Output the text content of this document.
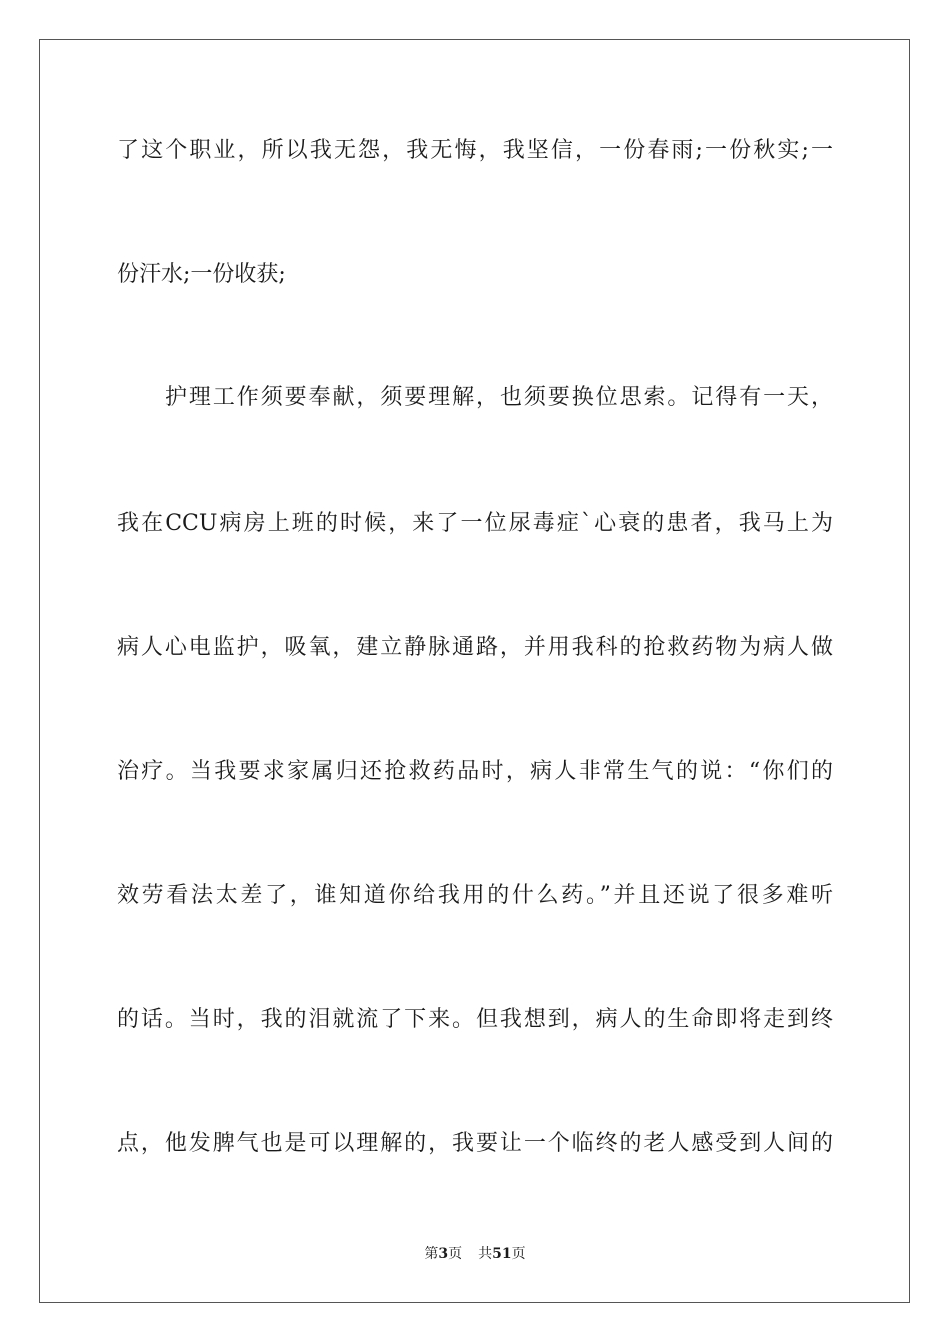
了这个职业，所以我无怨，我无悔，我坚信，一份春雨;一份秋实;一
份汗水;一份收获;
护理工作须要奉献，须要理解，也须要换位思索。记得有一天，
我在CCU病房上班的时候，来了一位尿毒症`心衰的患者，我马上为
病人心电监护，吸氧，建立静脉通路，并用我科的抢救药物为病人做
治疗。当我要求家属归还抢救药品时，病人非常生气的说：“你们的
效劳看法太差了，谁知道你给我用的什么药。”并且还说了很多难听
的话。当时，我的泪就流了下来。但我想到，病人的生命即将走到终
点，他发脾气也是可以理解的，我要让一个临终的老人感受到人间的
第3页 共51页
